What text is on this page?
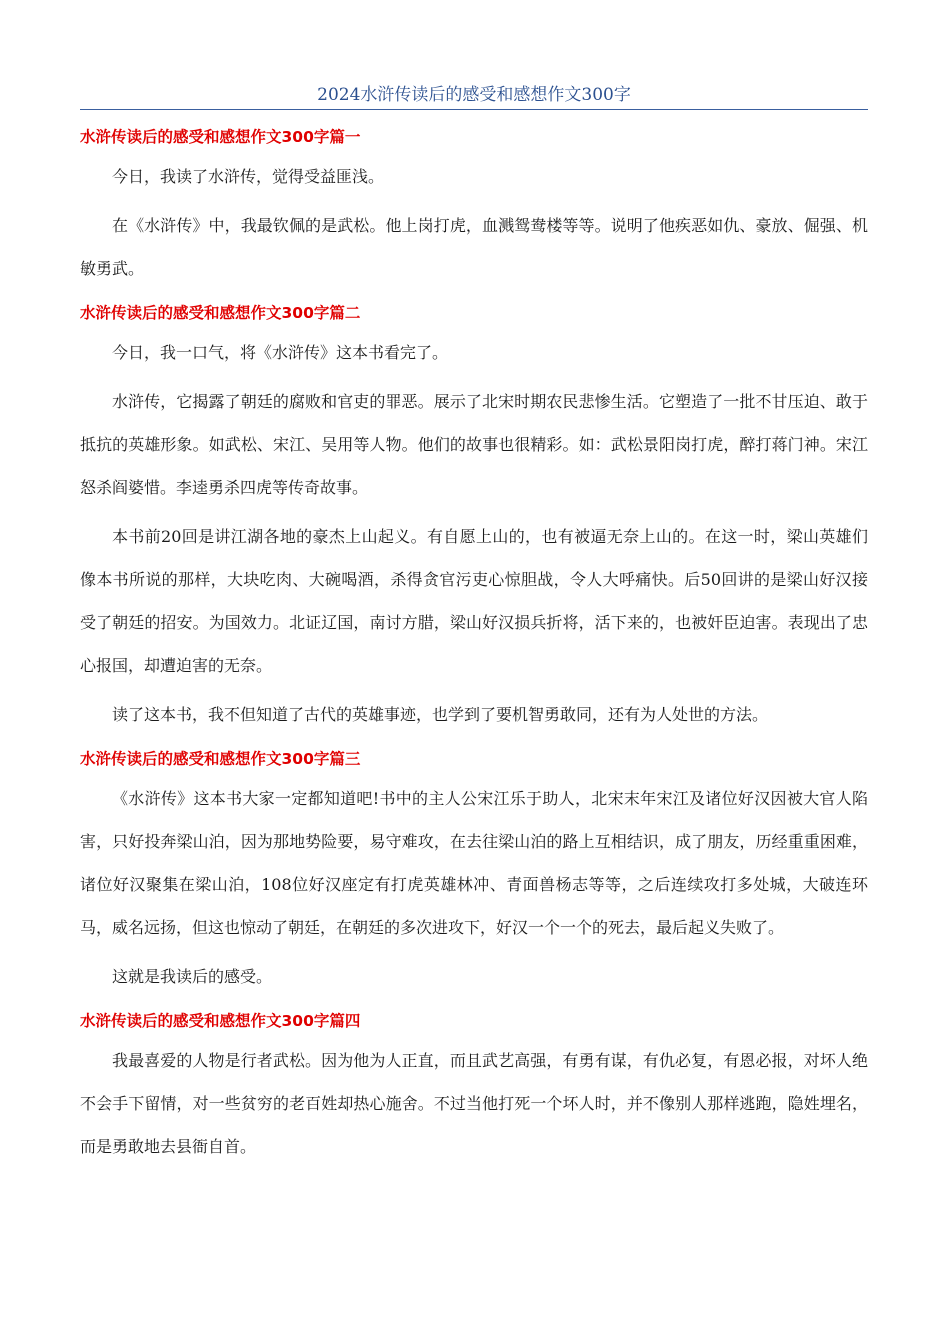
2024水浒传读后的感受和感想作文300字
水浒传读后的感受和感想作文300字篇一

今日，我读了水浒传，觉得受益匪浅。

在《水浒传》中，我最钦佩的是武松。他上岗打虎，血溅鸳鸯楼等等。说明了他疾恶如仇、豪放、倔强、机敏勇武。

水浒传读后的感受和感想作文300字篇二

今日，我一口气，将《水浒传》这本书看完了。

水浒传，它揭露了朝廷的腐败和官吏的罪恶。展示了北宋时期农民悲惨生活。它塑造了一批不甘压迫、敢于抵抗的英雄形象。如武松、宋江、吴用等人物。他们的故事也很精彩。如：武松景阳岗打虎，醉打蒋门神。宋江怒杀阎婆惜。李逵勇杀四虎等传奇故事。

本书前20回是讲江湖各地的豪杰上山起义。有自愿上山的，也有被逼无奈上山的。在这一时，梁山英雄们像本书所说的那样，大块吃肉、大碗喝酒，杀得贪官污吏心惊胆战，令人大呼痛快。后50回讲的是梁山好汉接受了朝廷的招安。为国效力。北证辽国，南讨方腊，梁山好汉损兵折将，活下来的，也被奸臣迫害。表现出了忠心报国，却遭迫害的无奈。

读了这本书，我不但知道了古代的英雄事迹，也学到了要机智勇敢同，还有为人处世的方法。

水浒传读后的感受和感想作文300字篇三

《水浒传》这本书大家一定都知道吧!书中的主人公宋江乐于助人，北宋末年宋江及诸位好汉因被大官人陷害，只好投奔梁山泊，因为那地势险要，易守难攻，在去往梁山泊的路上互相结识，成了朋友，历经重重困难，诸位好汉聚集在梁山泊，108位好汉座定有打虎英雄林冲、青面兽杨志等等，之后连续攻打多处城，大破连环马，威名远扬，但这也惊动了朝廷，在朝廷的多次进攻下，好汉一个一个的死去，最后起义失败了。

这就是我读后的感受。

水浒传读后的感受和感想作文300字篇四

我最喜爱的人物是行者武松。因为他为人正直，而且武艺高强，有勇有谋，有仇必复，有恩必报，对坏人绝不会手下留情，对一些贫穷的老百姓却热心施舍。不过当他打死一个坏人时，并不像别人那样逃跑，隐姓埋名，而是勇敢地去县衙自首。
